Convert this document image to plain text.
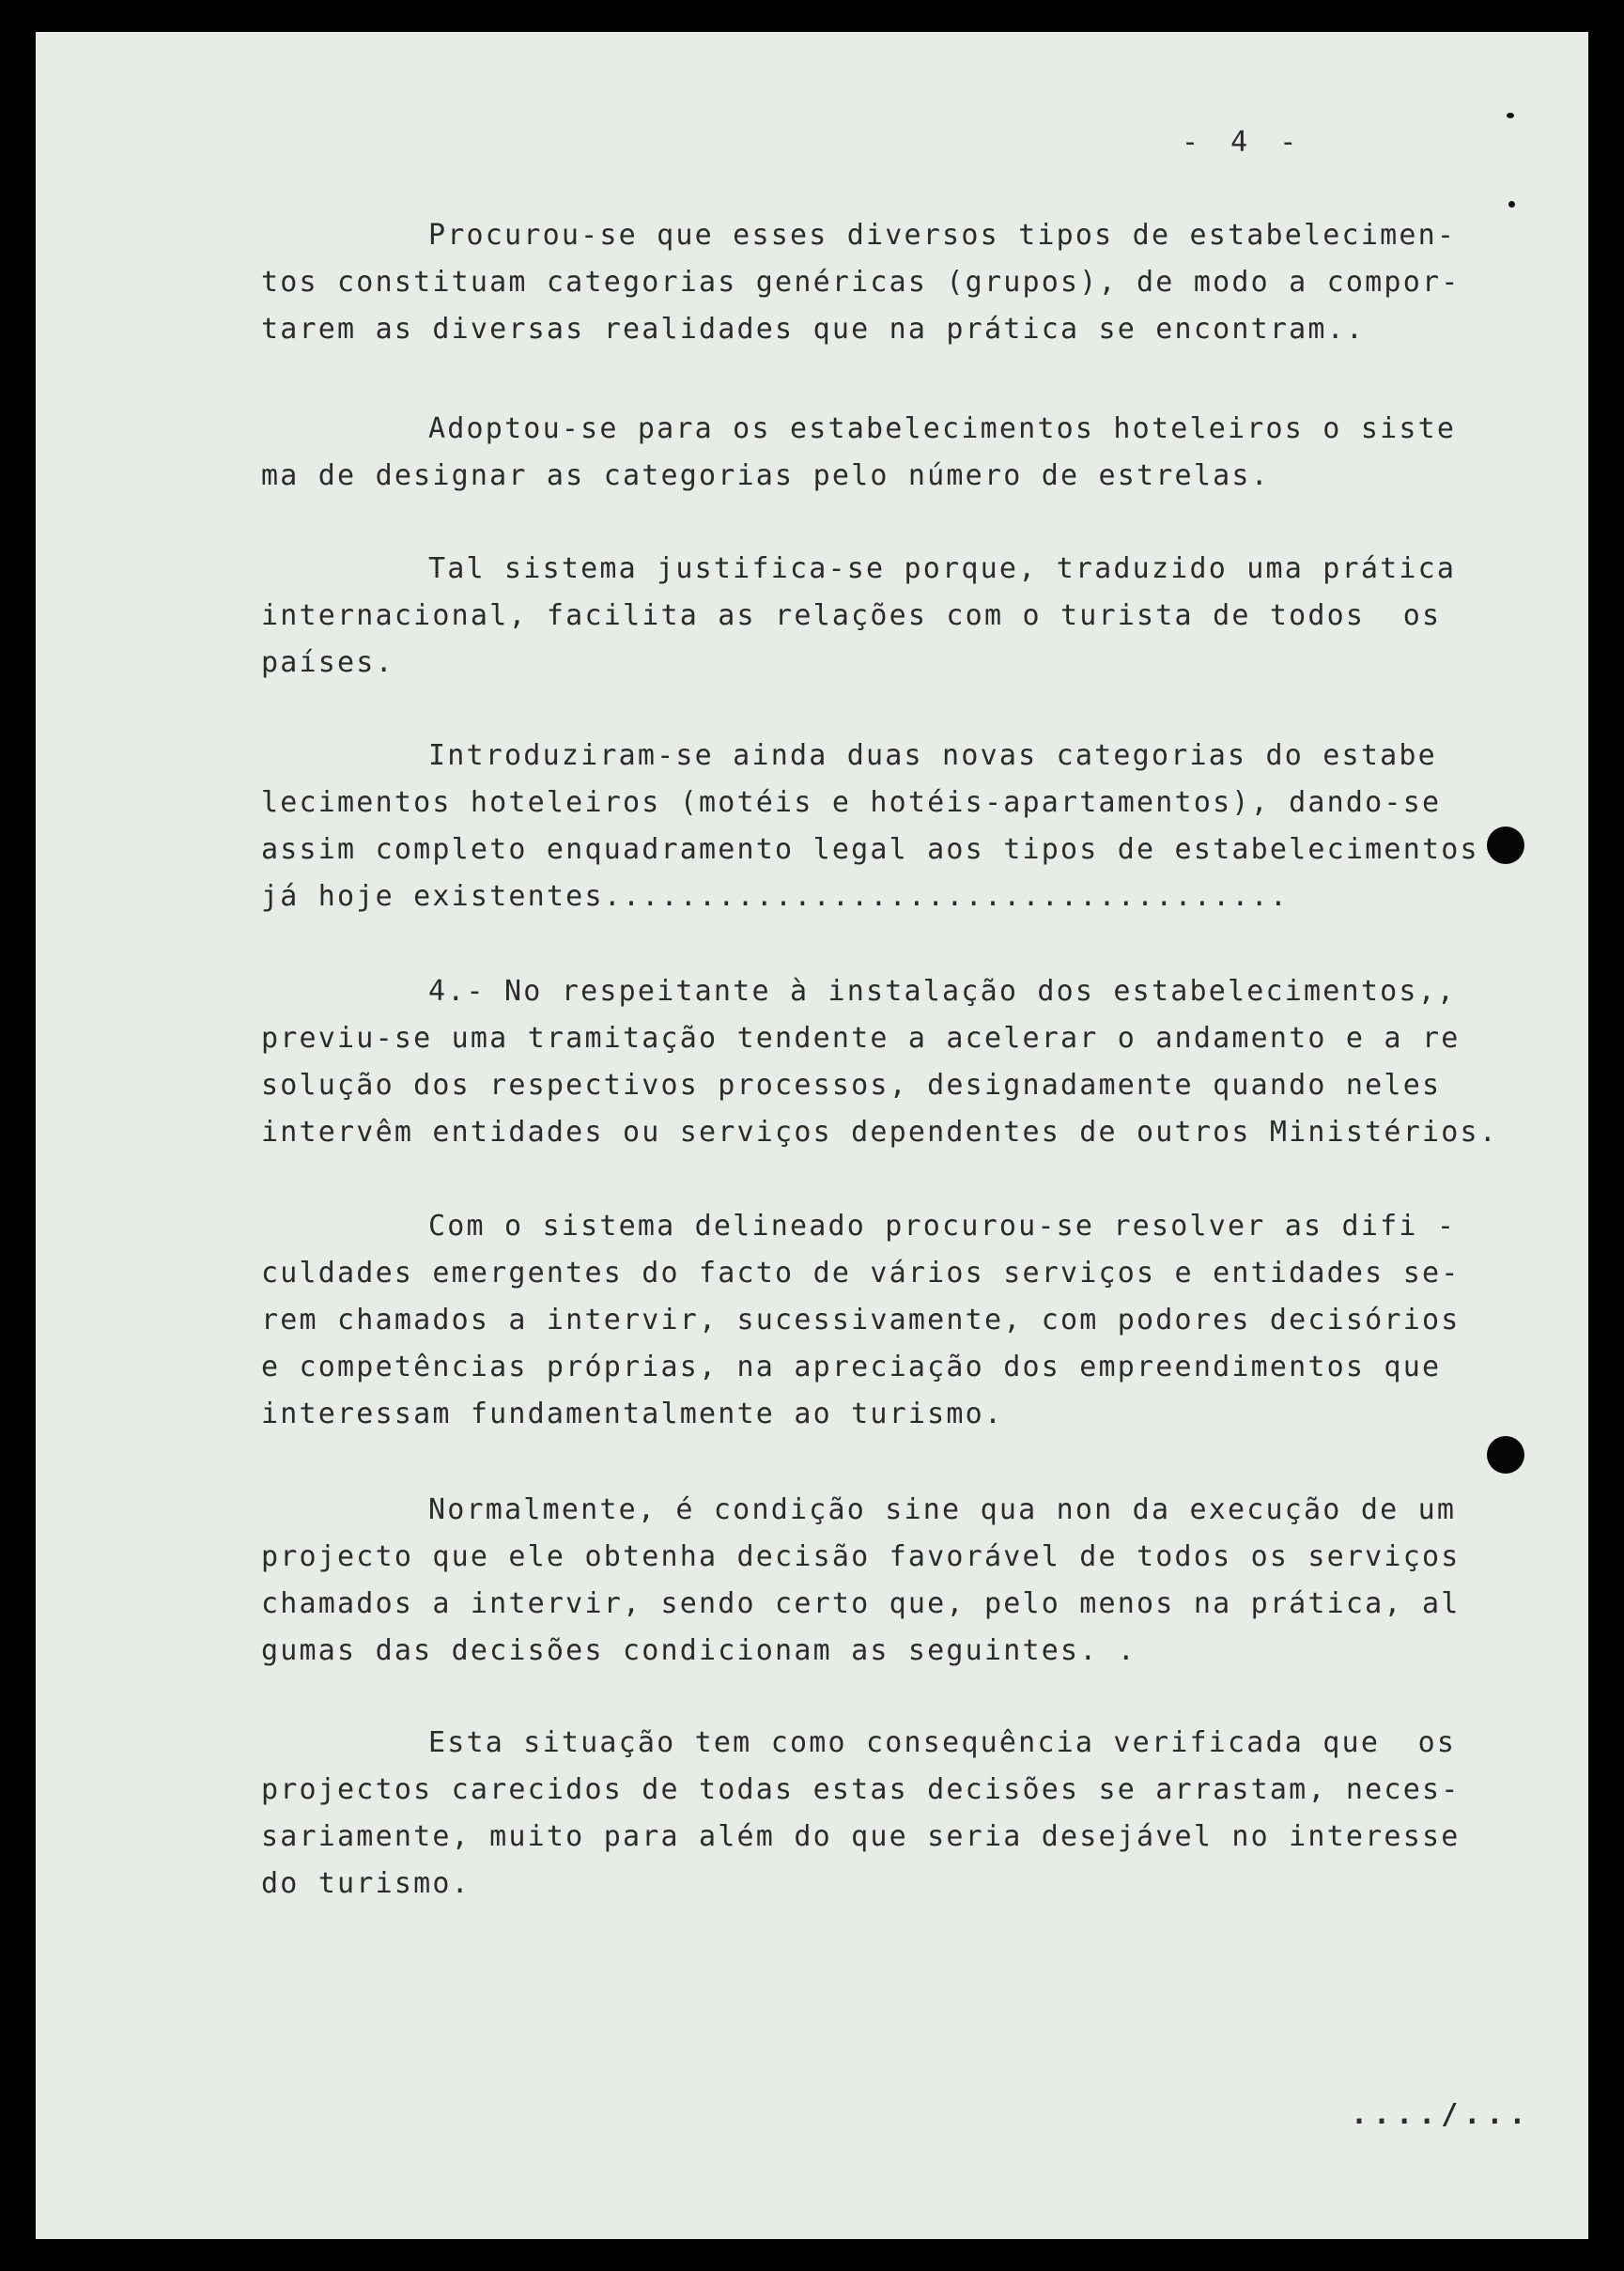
- 4 -
Procurou-se que esses diversos tipos de estabelecimen-
tos constituam categorias genéricas (grupos), de modo a compor-
tarem as diversas realidades que na prática se encontram..
Adoptou-se para os estabelecimentos hoteleiros o siste
ma de designar as categorias pelo número de estrelas.
Tal sistema justifica-se porque, traduzido uma prática
internacional, facilita as relações com o turista de todos  os
países.
Introduziram-se ainda duas novas categorias do estabe
lecimentos hoteleiros (motéis e hotéis-apartamentos), dando-se
assim completo enquadramento legal aos tipos de estabelecimentos
já hoje existentes....................................
4.- No respeitante à instalação dos estabelecimentos,,
previu-se uma tramitação tendente a acelerar o andamento e a re
solução dos respectivos processos, designadamente quando neles
intervêm entidades ou serviços dependentes de outros Ministérios.
Com o sistema delineado procurou-se resolver as difi -
culdades emergentes do facto de vários serviços e entidades se-
rem chamados a intervir, sucessivamente, com podores decisórios
e competências próprias, na apreciação dos empreendimentos que
interessam fundamentalmente ao turismo.
Normalmente, é condição sine qua non da execução de um
projecto que ele obtenha decisão favorável de todos os serviços
chamados a intervir, sendo certo que, pelo menos na prática, al
gumas das decisões condicionam as seguintes. .
Esta situação tem como consequência verificada que  os
projectos carecidos de todas estas decisões se arrastam, neces-
sariamente, muito para além do que seria desejável no interesse
do turismo.
..../...
